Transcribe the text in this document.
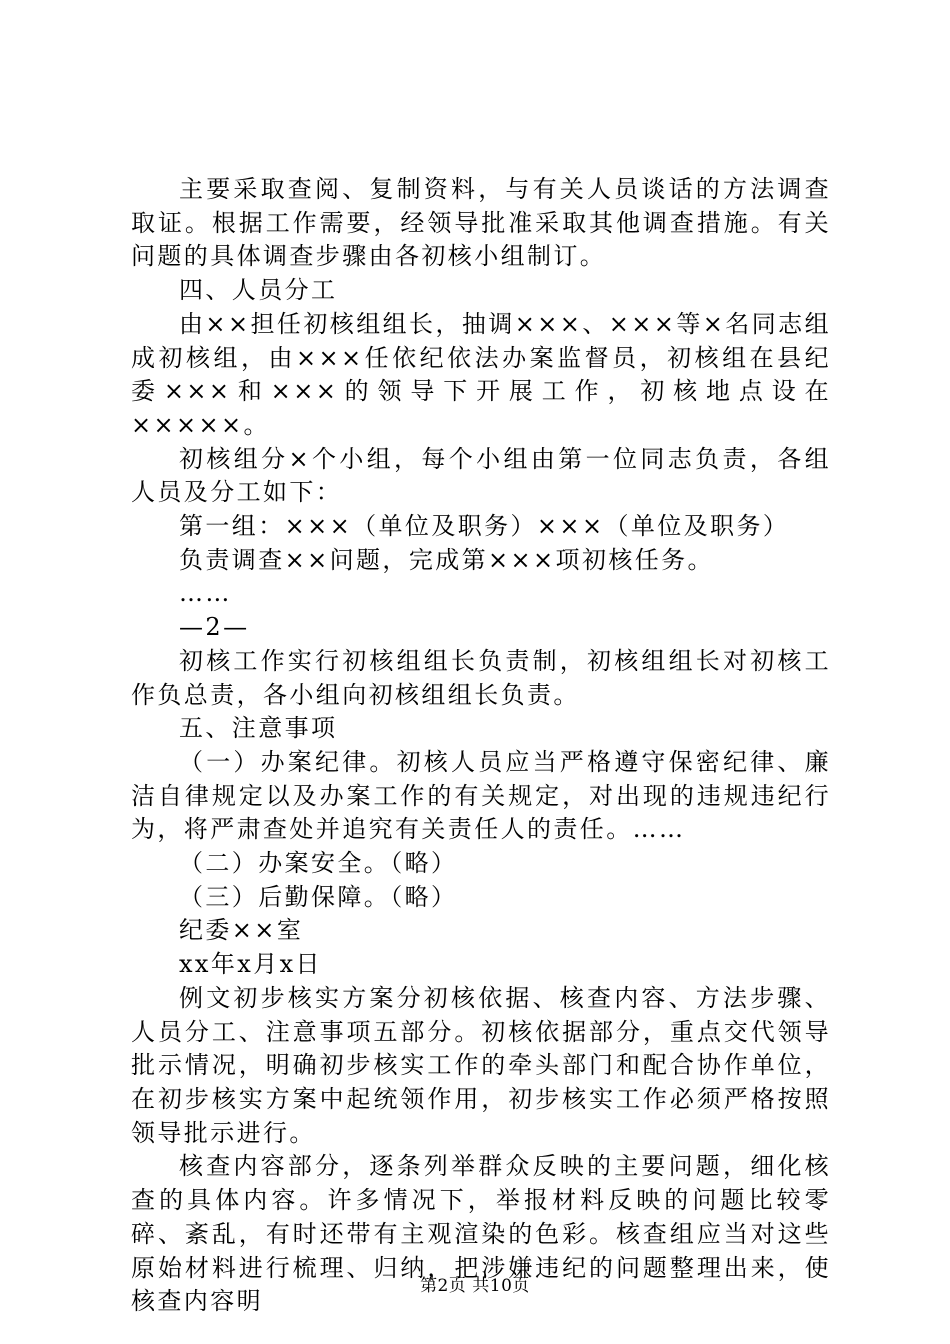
主要采取查阅、复制资料，与有关人员谈话的方法调查取证。根据工作需要，经领导批准采取其他调查措施。有关问题的具体调查步骤由各初核小组制订。

四、人员分工

由××担任初核组组长，抽调×××、×××等×名同志组成初核组，由×××任依纪依法办案监督员，初核组在县纪委×××和×××的领导下开展工作，初核地点设在×××××。

初核组分×个小组，每个小组由第一位同志负责，各组人员及分工如下：

第一组：×××（单位及职务）×××（单位及职务）

负责调查××问题，完成第×××项初核任务。

……

—2—

初核工作实行初核组组长负责制，初核组组长对初核工作负总责，各小组向初核组组长负责。

五、注意事项

（一）办案纪律。初核人员应当严格遵守保密纪律、廉洁自律规定以及办案工作的有关规定，对出现的违规违纪行为，将严肃查处并追究有关责任人的责任。……

（二）办案安全。（略）

（三）后勤保障。（略）

纪委××室

xx年x月x日

例文初步核实方案分初核依据、核查内容、方法步骤、人员分工、注意事项五部分。初核依据部分，重点交代领导批示情况，明确初步核实工作的牵头部门和配合协作单位，在初步核实方案中起统领作用，初步核实工作必须严格按照领导批示进行。

核查内容部分，逐条列举群众反映的主要问题，细化核查的具体内容。许多情况下，举报材料反映的问题比较零碎、紊乱，有时还带有主观渲染的色彩。核查组应当对这些原始材料进行梳理、归纳，把涉嫌违纪的问题整理出来，使核查内容明

第2页 共10页
